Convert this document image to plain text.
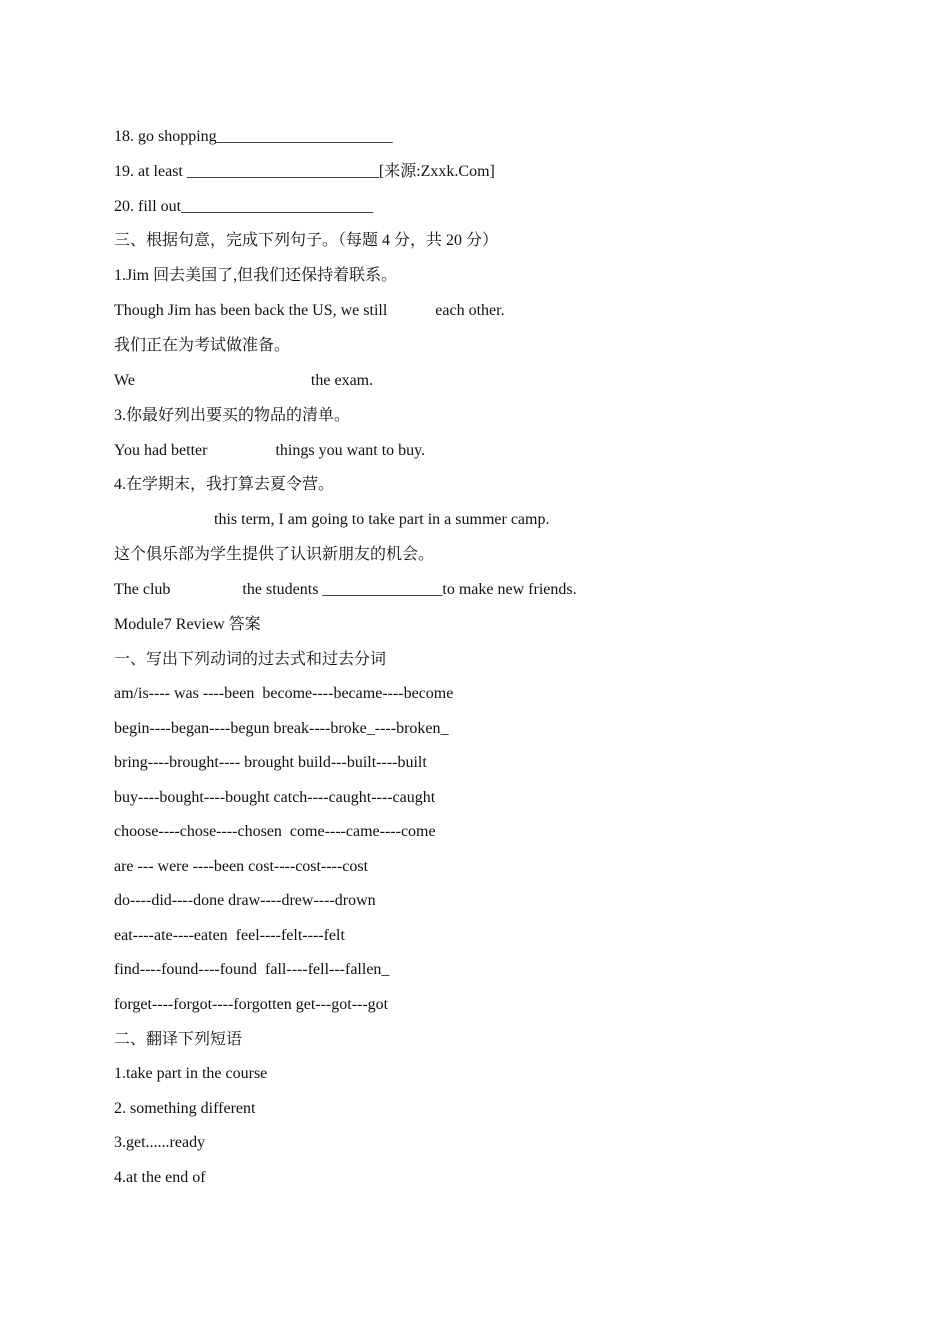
18. go shopping______________________
19. at least ________________________[来源:Zxxk.Com]
20. fill out________________________
三、根据句意，完成下列句子。（每题 4 分，共 20 分）
1.Jim 回去美国了,但我们还保持着联系。
Though Jim has been back the US, we still            each other.
我们正在为考试做准备。
We                                            the exam.
3.你最好列出要买的物品的清单。
You had better                 things you want to buy.
4.在学期末，我打算去夏令营。
this term, I am going to take part in a summer camp.
这个俱乐部为学生提供了认识新朋友的机会。
The club                  the students _______________to make new friends.
Module7 Review 答案
一、写出下列动词的过去式和过去分词
am/is---- was ----been  become----became----become
begin----began----begun break----broke_----broken_
bring----brought---- brought build---built----built
buy----bought----bought catch----caught----caught
choose----chose----chosen  come----came----come
are --- were ----been cost----cost----cost
do----did----done draw----drew----drown
eat----ate----eaten  feel----felt----felt
find----found----found  fall----fell---fallen_
forget----forgot----forgotten get---got---got
二、翻译下列短语
1.take part in the course
2. something different
3.get......ready
4.at the end of
